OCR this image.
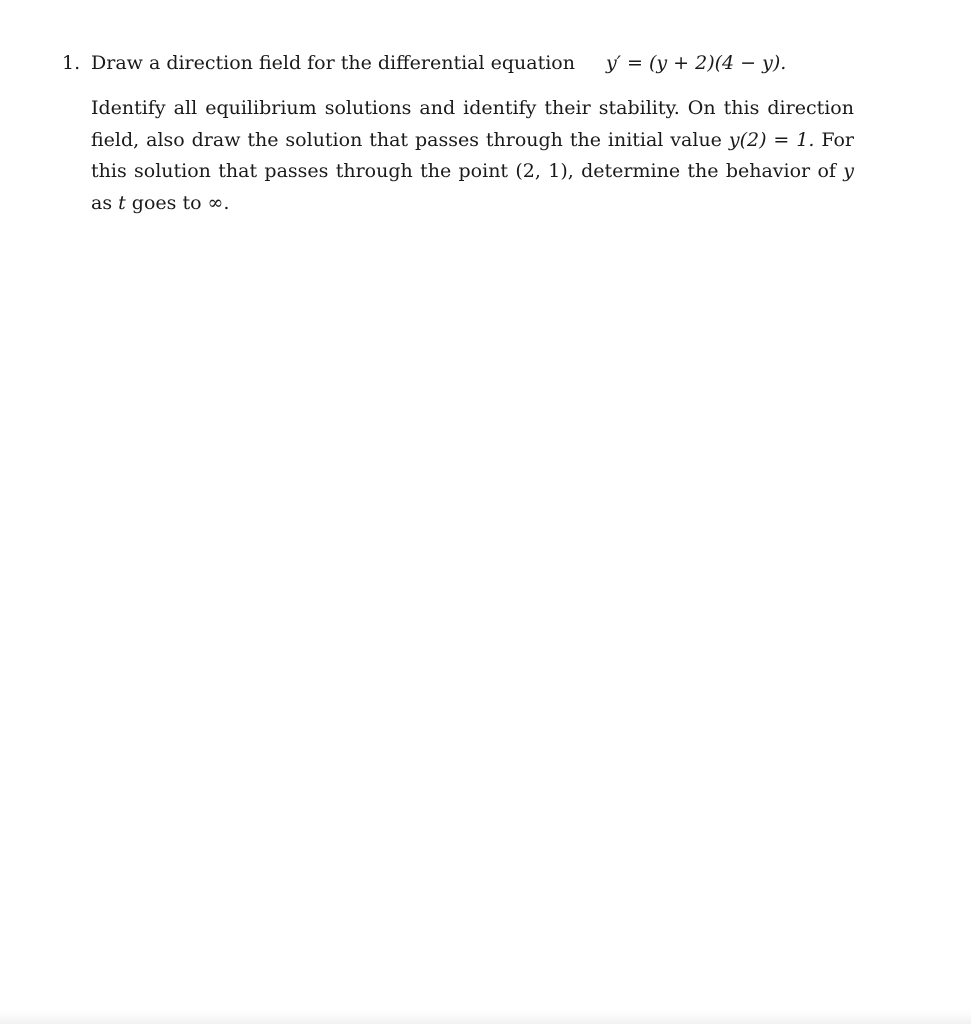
1. Draw a direction field for the differential equation y′ = (y + 2)(4 − y).
Identify all equilibrium solutions and identify their stability. On this direction field, also draw the solution that passes through the initial value y(2) = 1. For this solution that passes through the point (2, 1), determine the behavior of y as t goes to ∞.
